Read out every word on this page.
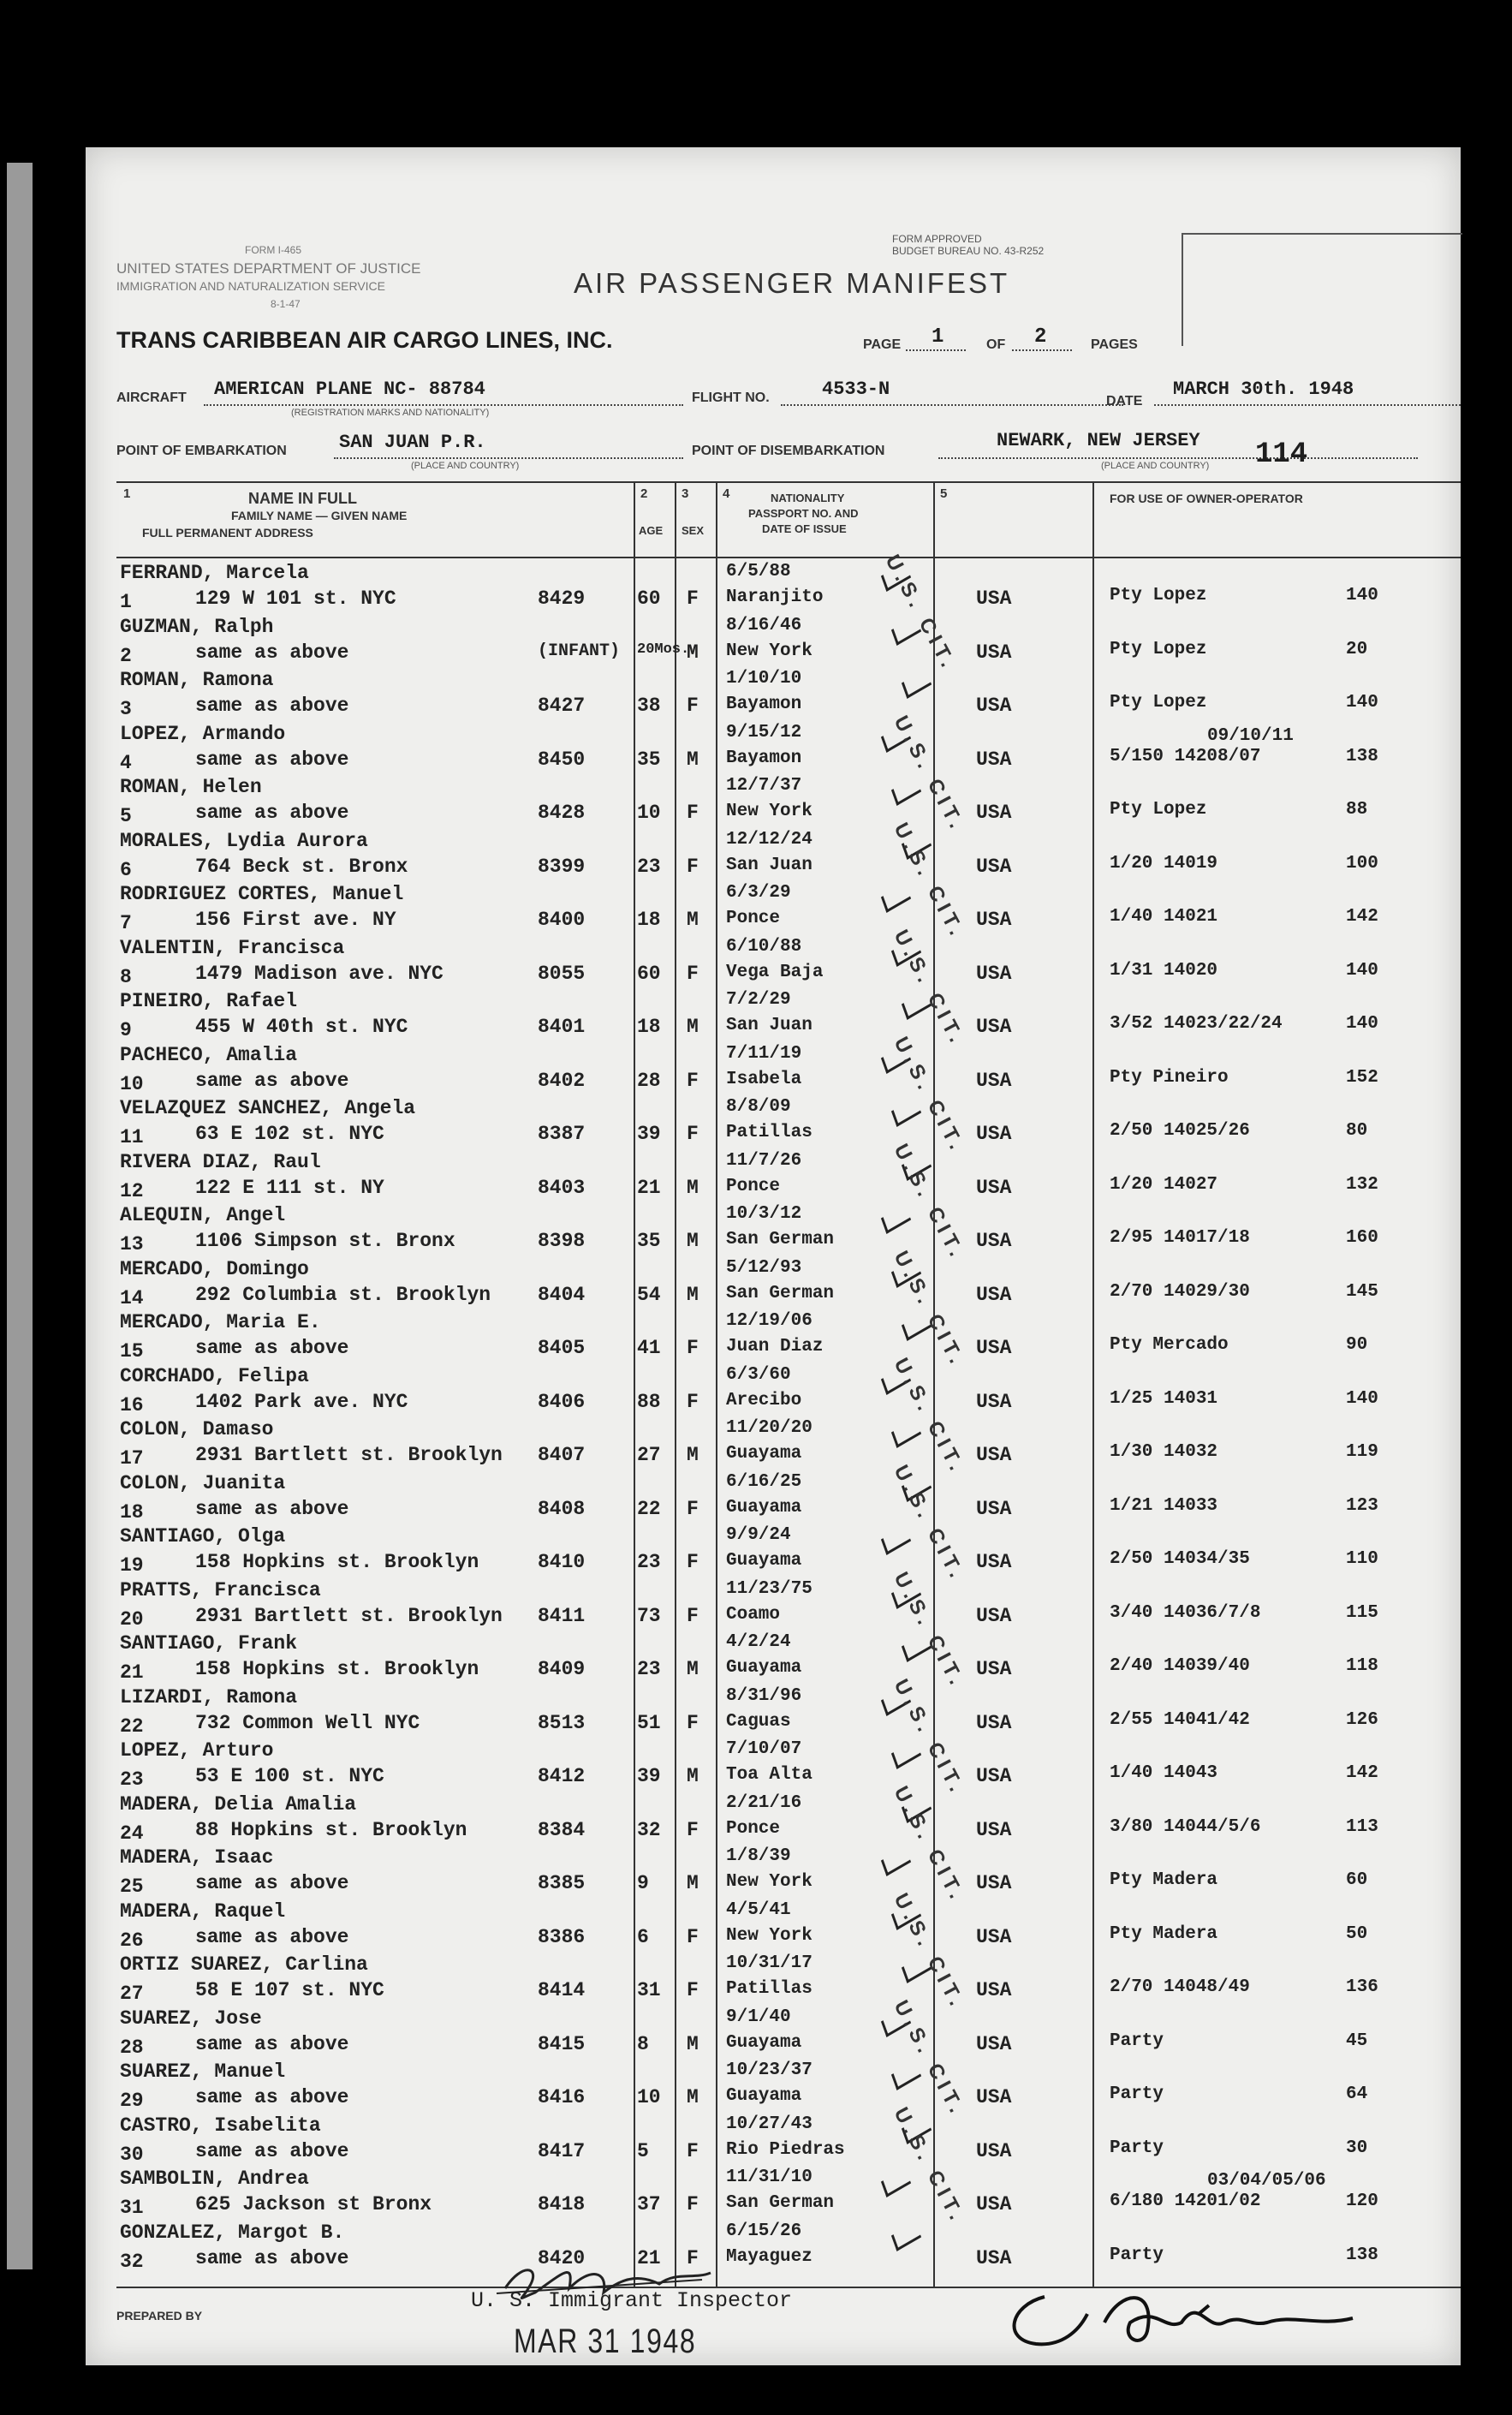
FORM I-465
UNITED STATES DEPARTMENT OF JUSTICE
IMMIGRATION AND NATURALIZATION SERVICE
8-1-47
FORM APPROVED
BUDGET BUREAU NO. 43-R252
AIR PASSENGER MANIFEST
TRANS CARIBBEAN AIR CARGO LINES, INC.	PAGE 1	OF 2	PAGES
AIRCRAFT AMERICAN PLANE NC- 88784
(REGISTRATION MARKS AND NATIONALITY)
FLIGHT NO.	4533-N
DATE
MARCH 30th. 1948
POINT OF EMBARKATION	SAN JUAN P.R.
(PLACE AND COUNTRY)
POINT OF DISEMBARKATION	NEWARK, NEW JERSEY
(PLACE AND COUNTRY) 114
1	NAME IN FULL
FAMILY NAME — GIVEN NAME
FULL PERMANENT ADDRESS
2
AGE
3
SEX
4	NATIONALITY
PASSPORT NO. AND
DATE OF ISSUE
5	FOR USE OF OWNER-OPERATOR
FERRAND, Marcela
1	129 W 101 st. NYC	8429	60 F
6/5/88
Naranjito	USA	Pty Lopez	140
GUZMAN, Ralph
2	same as above	(INFANT) 20Mos.
M
8/16/46
New York	USA	Pty Lopez	20
ROMAN, Ramona
3	same as above	8427	38 F
1/10/10
Bayamon	USA	Pty Lopez	140
LOPEZ, Armando
4	same as above	8450	35 M
9/15/12
Bayamon	USA
09/10/11
5/150 14208/07	138
ROMAN, Helen
5	same as above	8428	10 F
12/7/37
New York	USA	Pty Lopez	88
MORALES, Lydia Aurora
6	764 Beck st. Bronx	8399	23 F
12/12/24
San Juan	USA	1/20 14019	100
RODRIGUEZ CORTES, Manuel
7	156 First ave. NY	8400	18 M
6/3/29
Ponce	USA	1/40 14021	142
VALENTIN, Francisca
8	1479 Madison ave. NYC	8055	60 F
6/10/88
Vega Baja	USA	1/31 14020	140
PINEIRO, Rafael
9	455 W 40th st. NYC	8401	18 M
7/2/29
San Juan	USA	3/52 14023/22/24	140
PACHECO, Amalia
10	same as above	8402	28 F
7/11/19
Isabela	USA	Pty Pineiro	152
VELAZQUEZ SANCHEZ, Angela
11	63 E 102 st. NYC	8387	39 F
8/8/09
Patillas	USA	2/50 14025/26	80
RIVERA DIAZ, Raul
12	122 E 111 st. NY	8403	21 M
11/7/26
Ponce	USA	1/20 14027	132
ALEQUIN, Angel
13	1106 Simpson st. Bronx	8398	35 M
10/3/12
San German	USA	2/95 14017/18	160
MERCADO, Domingo
14	292 Columbia st. Brooklyn 8404	54 M
5/12/93
San German	USA	2/70 14029/30	145
MERCADO, Maria E.
15	same as above	8405	41 F
12/19/06
Juan Diaz	USA	Pty Mercado	90
CORCHADO, Felipa
16	1402 Park ave. NYC	8406	88 F
6/3/60
Arecibo	USA	1/25 14031	140
COLON, Damaso
17	2931 Bartlett st. Brooklyn 8407	27 M
11/20/20
Guayama	USA	1/30 14032	119
COLON, Juanita
18	same as above	8408	22 F
6/16/25
Guayama	USA	1/21 14033	123
SANTIAGO, Olga
19	158 Hopkins st. Brooklyn	8410	23 F
9/9/24
Guayama	USA	2/50 14034/35	110
PRATTS, Francisca
20	2931 Bartlett st. Brooklyn 8411	73 F
11/23/75
Coamo	USA	3/40 14036/7/8	115
SANTIAGO, Frank
21	158 Hopkins st. Brooklyn	8409	23 M
4/2/24
Guayama	USA	2/40 14039/40	118
LIZARDI, Ramona
22	732 Common Well NYC	8513	51 F
8/31/96
Caguas	USA	2/55 14041/42	126
LOPEZ, Arturo
23	53 E 100 st. NYC	8412	39 M
7/10/07
Toa Alta	USA	1/40 14043	142
MADERA, Delia Amalia
24	88 Hopkins st. Brooklyn	8384	32 F
2/21/16
Ponce	USA	3/80 14044/5/6	113
MADERA, Isaac
25	same as above	8385	9 M
1/8/39
New York	USA	Pty Madera	60
MADERA, Raquel
26	same as above	8386	6 F
4/5/41
New York	USA	Pty Madera	50
ORTIZ SUAREZ, Carlina
27	58 E 107 st. NYC	8414	31 F
10/31/17
Patillas	USA	2/70 14048/49	136
SUAREZ, Jose
28	same as above	8415	8 M
9/1/40
Guayama	USA	Party	45
SUAREZ, Manuel
29	same as above	8416	10 M
10/23/37
Guayama	USA	Party	64
CASTRO, Isabelita
30	same as above	8417	5 F
10/27/43
Rio Piedras	USA	Party	30
SAMBOLIN, Andrea
31	625 Jackson st Bronx	8418	37 F
11/31/10
San German	USA
03/04/05/06
6/180 14201/02	120
GONZALEZ, Margot B.
32	same as above	8420	21 F
6/15/26
Mayaguez	USA	Party	138
U.S. CIT.
U.S. CIT.
U.S. CIT.
U.S. CIT.
U.S. CIT.
U.S. CIT.
U.S. CIT.
U.S. CIT.
U.S. CIT.
U.S. CIT.
U.S. CIT.
U.S. CIT.
U.S. CIT.
U.S. CIT.
U.S. CIT.
PREPARED BY
U. S. Immigrant Inspector
MAR 31 1948
